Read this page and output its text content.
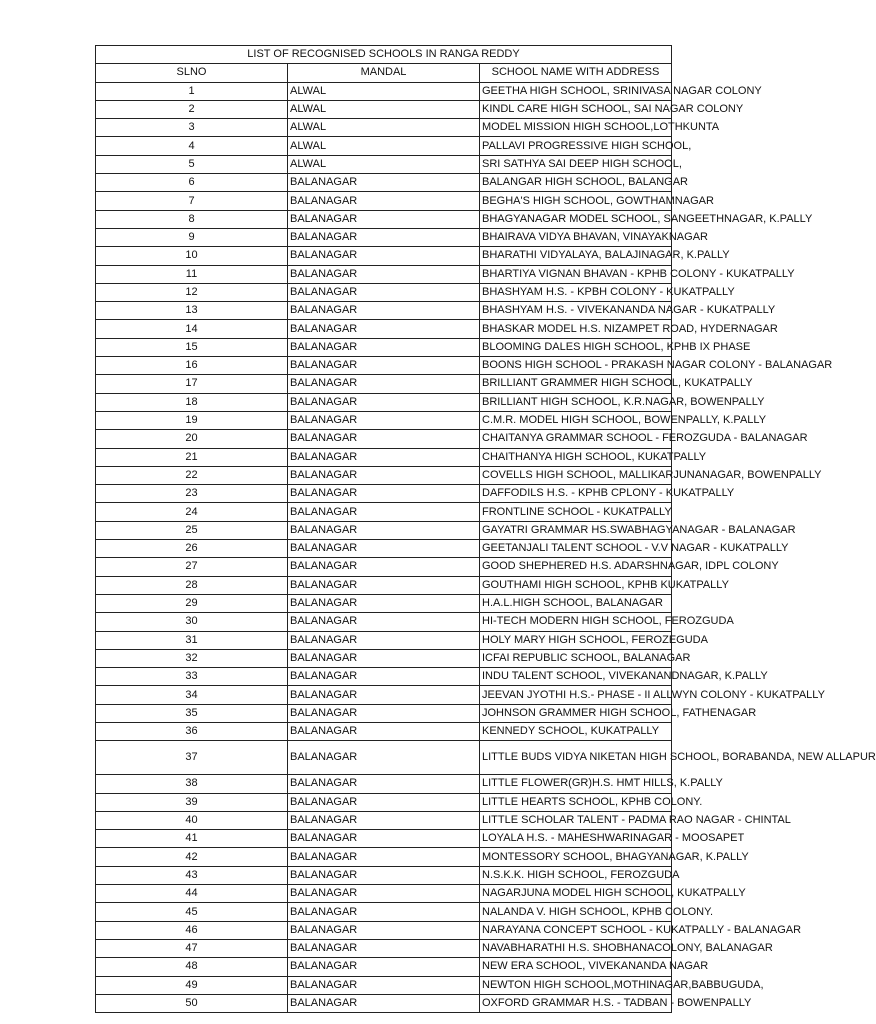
LIST OF RECOGNISED SCHOOLS IN RANGA REDDY		
SLNO	MANDAL	SCHOOL NAME WITH ADDRESS
1	ALWAL	GEETHA HIGH SCHOOL, SRINIVASA NAGAR COLONY
2	ALWAL	KINDL CARE HIGH SCHOOL, SAI NAGAR COLONY
3	ALWAL	MODEL MISSION HIGH SCHOOL,LOTHKUNTA
4	ALWAL	PALLAVI PROGRESSIVE HIGH SCHOOL,
5	ALWAL	SRI SATHYA SAI DEEP HIGH SCHOOL,
6	BALANAGAR	BALANGAR HIGH SCHOOL, BALANGAR
7	BALANAGAR	BEGHA'S HIGH SCHOOL, GOWTHAMNAGAR
8	BALANAGAR	BHAGYANAGAR MODEL SCHOOL, SANGEETHNAGAR, K.PALLY
9	BALANAGAR	BHAIRAVA VIDYA BHAVAN, VINAYAKNAGAR
10	BALANAGAR	BHARATHI VIDYALAYA, BALAJINAGAR, K.PALLY
11	BALANAGAR	BHARTIYA VIGNAN BHAVAN - KPHB COLONY - KUKATPALLY
12	BALANAGAR	BHASHYAM H.S. - KPBH COLONY - KUKATPALLY
13	BALANAGAR	BHASHYAM H.S. - VIVEKANANDA NAGAR - KUKATPALLY
14	BALANAGAR	BHASKAR MODEL H.S. NIZAMPET ROAD, HYDERNAGAR
15	BALANAGAR	BLOOMING DALES HIGH SCHOOL, KPHB IX PHASE
16	BALANAGAR	BOONS HIGH SCHOOL - PRAKASH NAGAR COLONY - BALANAGAR
17	BALANAGAR	BRILLIANT GRAMMER HIGH SCHOOL, KUKATPALLY
18	BALANAGAR	BRILLIANT HIGH SCHOOL, K.R.NAGAR, BOWENPALLY
19	BALANAGAR	C.M.R. MODEL HIGH SCHOOL, BOWENPALLY, K.PALLY
20	BALANAGAR	CHAITANYA GRAMMAR SCHOOL - FEROZGUDA - BALANAGAR
21	BALANAGAR	CHAITHANYA HIGH SCHOOL, KUKATPALLY
22	BALANAGAR	COVELLS HIGH SCHOOL, MALLIKARJUNANAGAR, BOWENPALLY
23	BALANAGAR	DAFFODILS H.S. - KPHB CPLONY - KUKATPALLY
24	BALANAGAR	FRONTLINE SCHOOL - KUKATPALLY
25	BALANAGAR	GAYATRI GRAMMAR HS.SWABHAGYANAGAR - BALANAGAR
26	BALANAGAR	GEETANJALI TALENT SCHOOL - V.V NAGAR - KUKATPALLY
27	BALANAGAR	GOOD SHEPHERED H.S. ADARSHNAGAR, IDPL COLONY
28	BALANAGAR	GOUTHAMI HIGH SCHOOL, KPHB KUKATPALLY
29	BALANAGAR	H.A.L.HIGH SCHOOL, BALANAGAR
30	BALANAGAR	HI-TECH MODERN HIGH SCHOOL, FEROZGUDA
31	BALANAGAR	HOLY MARY HIGH SCHOOL, FEROZEGUDA
32	BALANAGAR	ICFAI REPUBLIC SCHOOL, BALANAGAR
33	BALANAGAR	INDU TALENT SCHOOL, VIVEKANANDNAGAR, K.PALLY
34	BALANAGAR	JEEVAN JYOTHI H.S.- PHASE - II ALLWYN COLONY - KUKATPALLY
35	BALANAGAR	JOHNSON GRAMMER HIGH SCHOOL, FATHENAGAR
36	BALANAGAR	KENNEDY SCHOOL, KUKATPALLY
37	BALANAGAR	LITTLE BUDS VIDYA NIKETAN HIGH SCHOOL, BORABANDA, NEW ALLAPUR
38	BALANAGAR	LITTLE FLOWER(GR)H.S. HMT HILLS, K.PALLY
39	BALANAGAR	LITTLE HEARTS SCHOOL, KPHB COLONY.
40	BALANAGAR	LITTLE SCHOLAR TALENT - PADMA RAO NAGAR - CHINTAL
41	BALANAGAR	LOYALA H.S. - MAHESHWARINAGAR - MOOSAPET
42	BALANAGAR	MONTESSORY SCHOOL, BHAGYANAGAR, K.PALLY
43	BALANAGAR	N.S.K.K. HIGH SCHOOL, FEROZGUDA
44	BALANAGAR	NAGARJUNA MODEL HIGH SCHOOL, KUKATPALLY
45	BALANAGAR	NALANDA V. HIGH SCHOOL, KPHB COLONY.
46	BALANAGAR	NARAYANA CONCEPT SCHOOL - KUKATPALLY - BALANAGAR
47	BALANAGAR	NAVABHARATHI H.S. SHOBHANACOLONY, BALANAGAR
48	BALANAGAR	NEW ERA SCHOOL, VIVEKANANDA NAGAR
49	BALANAGAR	NEWTON HIGH SCHOOL,MOTHINAGAR,BABBUGUDA,
50	BALANAGAR	OXFORD GRAMMAR H.S. - TADBAN - BOWENPALLY
